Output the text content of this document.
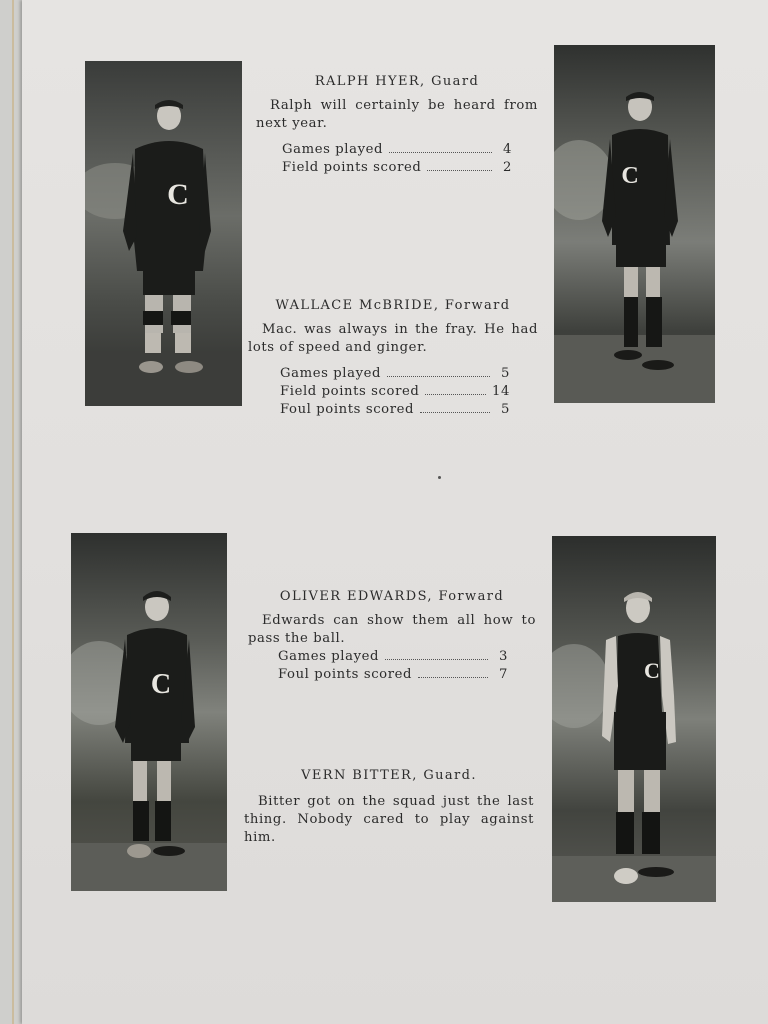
C
C
C	C
RALPH HYER, Guard
Ralph will certainly be heard from next year.
Games played	4
Field points scored	2
WALLACE McBRIDE, Forward
Mac. was always in the fray. He had lots of speed and ginger.
Games played	5
Field points scored	14
Foul points scored	5
OLIVER EDWARDS, Forward
Edwards can show them all how to pass the ball.
Games played	3
Foul points scored	7
VERN BITTER, Guard.
Bitter got on the squad just the last thing. Nobody cared to play against him.
